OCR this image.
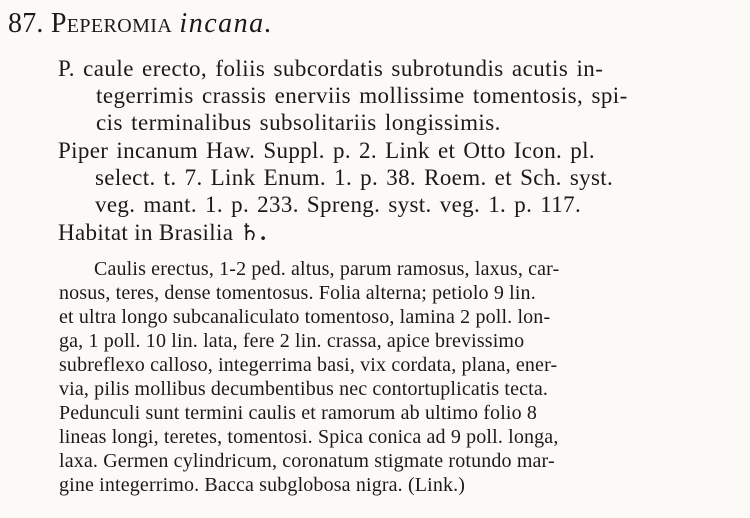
87. Peperomia incana.
P. caule erecto, foliis subcordatis subrotundis acutis in-
tegerrimis crassis enerviis mollissime tomentosis, spi-
cis terminalibus subsolitariis longissimis.
Piper incanum Haw. Suppl. p. 2. Link et Otto Icon. pl.
select. t. 7. Link Enum. 1. p. 38. Roem. et Sch. syst.
veg. mant. 1. p. 233. Spreng. syst. veg. 1. p. 117.
Habitat in Brasilia ♄.
Caulis erectus, 1-2 ped. altus, parum ramosus, laxus, car-
nosus, teres, dense tomentosus. Folia alterna; petiolo 9 lin.
et ultra longo subcanaliculato tomentoso, lamina 2 poll. lon-
ga, 1 poll. 10 lin. lata, fere 2 lin. crassa, apice brevissimo
subreflexo calloso, integerrima basi, vix cordata, plana, ener-
via, pilis mollibus decumbentibus nec contortuplicatis tecta.
Pedunculi sunt termini caulis et ramorum ab ultimo folio 8
lineas longi, teretes, tomentosi. Spica conica ad 9 poll. longa,
laxa. Germen cylindricum, coronatum stigmate rotundo mar-
gine integerrimo. Bacca subglobosa nigra. (Link.)
